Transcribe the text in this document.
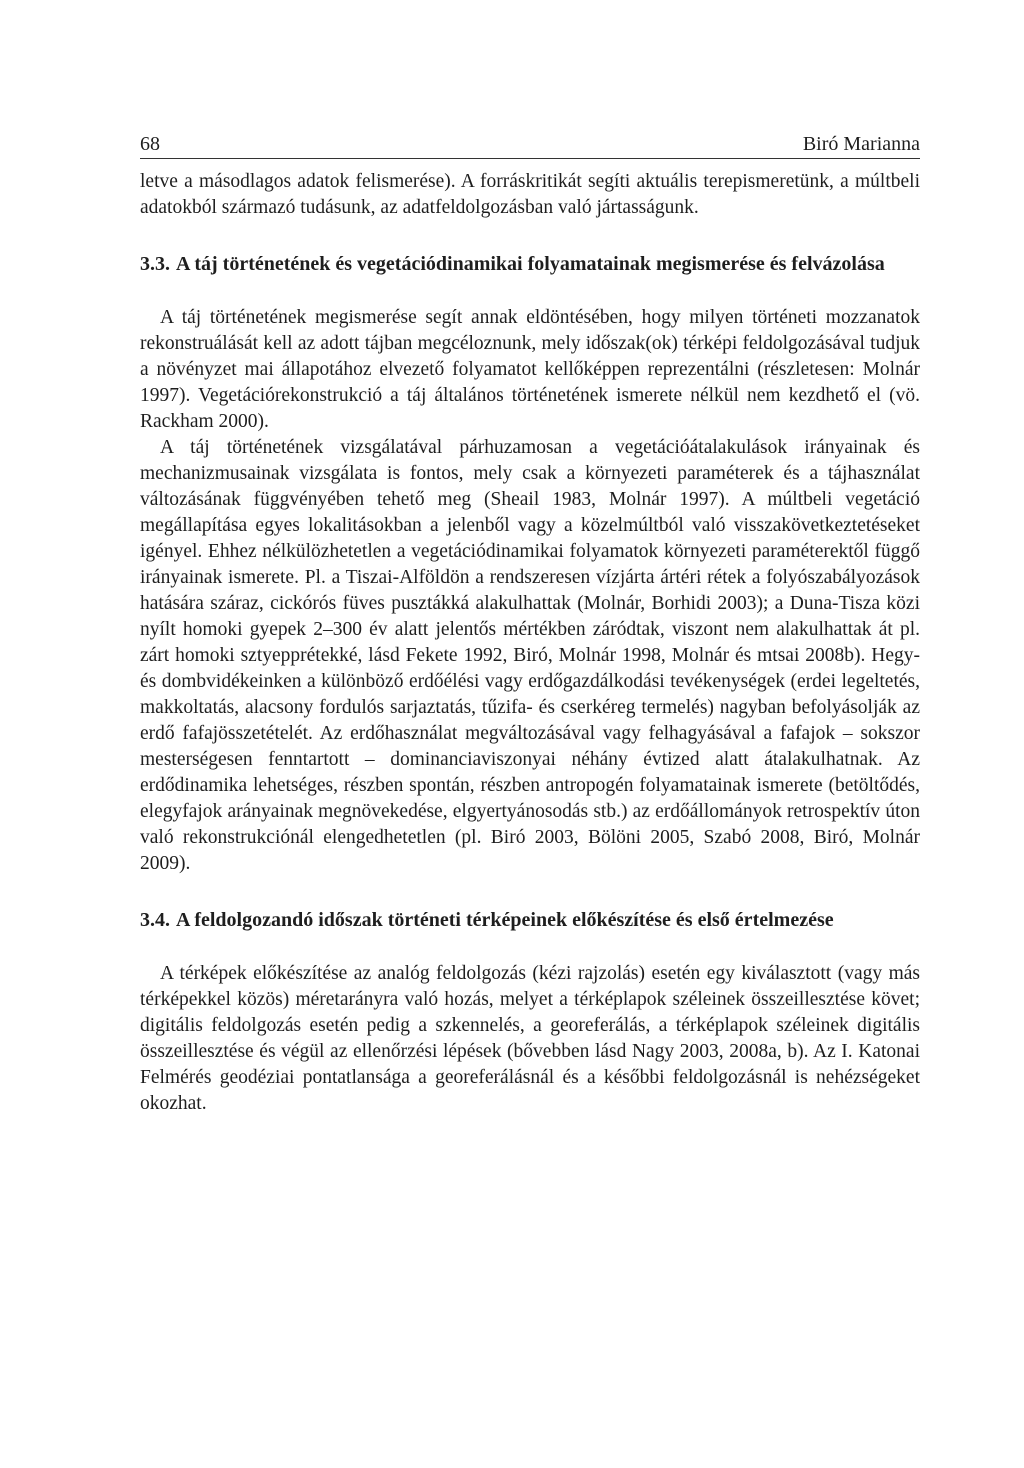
68	Biró Marianna

letve a másodlagos adatok felismerése). A forráskritikát segíti aktuális terepismeretünk, a múltbeli adatokból származó tudásunk, az adatfeldolgozásban való jártasságunk.

3.3. A táj történetének és vegetációdinamikai folyamatainak megismerése és felvázolása

A táj történetének megismerése segít annak eldöntésében, hogy milyen történeti mozzanatok rekonstruálását kell az adott tájban megcéloznunk, mely időszak(ok) térképi feldolgozásával tudjuk a növényzet mai állapotához elvezető folyamatot kellőképpen reprezentálni (részletesen: Molnár 1997). Vegetációrekonstrukció a táj általános történetének ismerete nélkül nem kezdhető el (vö. Rackham 2000).

A táj történetének vizsgálatával párhuzamosan a vegetációátalakulások irányainak és mechanizmusainak vizsgálata is fontos, mely csak a környezeti paraméterek és a tájhasználat változásának függvényében tehető meg (Sheail 1983, Molnár 1997). A múltbeli vegetáció megállapítása egyes lokalitásokban a jelenből vagy a közelmúltból való visszakövetkeztetéseket igényel. Ehhez nélkülözhetetlen a vegetációdinamikai folyamatok környezeti paraméterektől függő irányainak ismerete. Pl. a Tiszai-Alföldön a rendszeresen vízjárta ártéri rétek a folyószabályozások hatására száraz, cickórós füves pusztákká alakulhattak (Molnár, Borhidi 2003); a Duna-Tisza közi nyílt homoki gyepek 2–300 év alatt jelentős mértékben záródtak, viszont nem alakulhattak át pl. zárt homoki sztyepprétekké, lásd Fekete 1992, Biró, Molnár 1998, Molnár és mtsai 2008b). Hegy- és dombvidékeinken a különböző erdőélési vagy erdőgazdálkodási tevékenységek (erdei legeltetés, makkoltatás, alacsony fordulós sarjaztatás, tűzifa- és cserkéreg termelés) nagyban befolyásolják az erdő fafajösszetételét. Az erdőhasználat megváltozásával vagy felhagyásával a fafajok – sokszor mesterségesen fenntartott – dominanciaviszonyai néhány évtized alatt átalakulhatnak. Az erdődinamika lehetséges, részben spontán, részben antropogén folyamatainak ismerete (betöltődés, elegyfajok arányainak megnövekedése, elgyertyánosodás stb.) az erdőállományok retrospektív úton való rekonstrukciónál elengedhetetlen (pl. Biró 2003, Bölöni 2005, Szabó 2008, Biró, Molnár 2009).

3.4. A feldolgozandó időszak történeti térképeinek előkészítése és első értelmezése

A térképek előkészítése az analóg feldolgozás (kézi rajzolás) esetén egy kiválasztott (vagy más térképekkel közös) méretarányra való hozás, melyet a térképlapok széleinek összeillesztése követ; digitális feldolgozás esetén pedig a szkennelés, a georeferálás, a térképlapok széleinek digitális összeillesztése és végül az ellenőrzési lépések (bővebben lásd Nagy 2003, 2008a, b). Az I. Katonai Felmérés geodéziai pontatlansága a georeferálásnál és a későbbi feldolgozásnál is nehézségeket okozhat.
